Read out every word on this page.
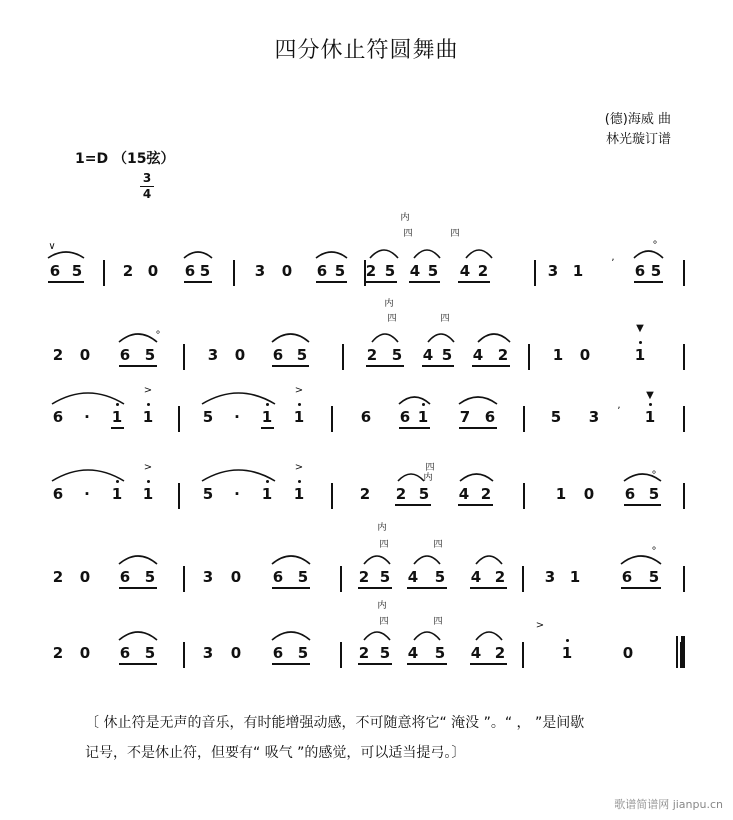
四分休止符圆舞曲
(德)海威 曲
林光璇订谱
1=D （15弦）
3
4
6 5	2 0 6 5	3 0 6 5 2 5 4 5 4 2	3 1	6 5
2 0 6 5	3 0 6 5	2 5 4 5 4 2	1 0	1
6 · 1 1	5 · 1 1	6 6 1 7 6	5 3	1
6 · 1 1	5 · 1 1	2 2 5 4 2	1 0 6 5
2 0 6 5	3 0 6 5	2 5 4 5 4 2	3 1	6 5
2 0 6 5	3 0 6 5	2 5 4 5 4 2	1	0
>	>
>	>
>
∨
▼
▼
°
°
°
°
,
,
内
四	四
内
四	四
内
四
内
四	四
内
四	四

〔 休止符是无声的音乐，有时能增强动感，不可随意将它“ 淹没 ”。“ ， ”是间歇

记号，不是休止符，但要有“ 吸气 ”的感觉，可以适当提弓。〕

歌谱简谱网 jianpu.cn
